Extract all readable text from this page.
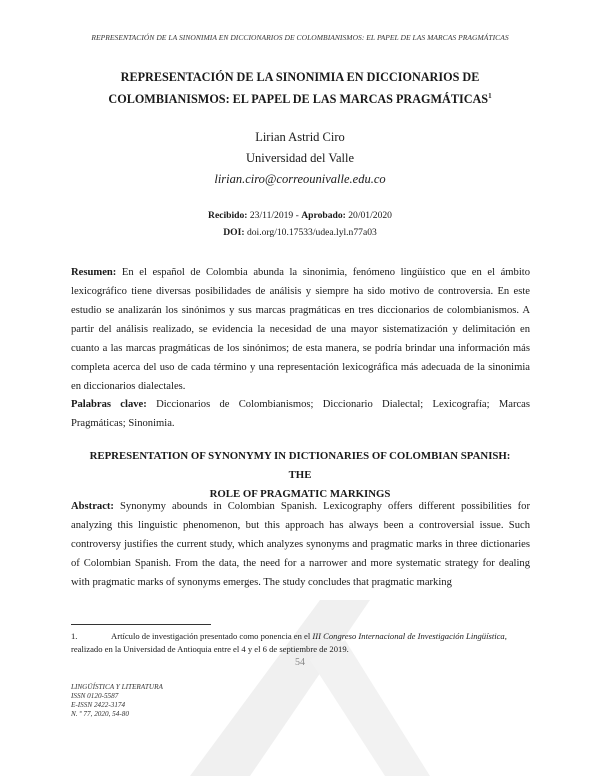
REPRESENTACIÓN DE LA SINONIMIA EN DICCIONARIOS DE COLOMBIANISMOS: EL PAPEL DE LAS MARCAS PRAGMÁTICAS
REPRESENTACIÓN DE LA SINONIMIA EN DICCIONARIOS DE
COLOMBIANISMOS: EL PAPEL DE LAS MARCAS PRAGMÁTICAS$^1$
Lirian Astrid Ciro
Universidad del Valle
lirian.ciro@correounivalle.edu.co
Recibido: 23/11/2019 - Aprobado: 20/01/2020
DOI: doi.org/10.17533/udea.lyl.n77a03
Resumen: En el español de Colombia abunda la sinonimia, fenómeno lingüístico que en el ámbito lexicográfico tiene diversas posibilidades de análisis y siempre ha sido motivo de controversia. En este estudio se analizarán los sinónimos y sus marcas pragmáticas en tres diccionarios de colombianismos. A partir del análisis realizado, se evidencia la necesidad de una mayor sistematización y delimitación en cuanto a las marcas pragmáticas de los sinónimos; de esta manera, se podría brindar una información más completa acerca del uso de cada término y una representación lexicográfica más adecuada de la sinonimia en diccionarios dialectales.
Palabras clave: Diccionarios de Colombianismos; Diccionario Dialectal; Lexicografía; Marcas Pragmáticas; Sinonimia.
REPRESENTATION OF SYNONYMY IN DICTIONARIES OF COLOMBIAN SPANISH: THE
ROLE OF PRAGMATIC MARKINGS
Abstract: Synonymy abounds in Colombian Spanish. Lexicography offers different possibilities for analyzing this linguistic phenomenon, but this approach has always been a controversial issue. Such controversy justifies the current study, which analyzes synonyms and pragmatic marks in three dictionaries of Colombian Spanish. From the data, the need for a narrower and more systematic strategy for dealing with pragmatic marks of synonyms emerges. The study concludes that pragmatic marking
1.	Artículo de investigación presentado como ponencia en el III Congreso Internacional de Investigación Lingüística, realizado en la Universidad de Antioquia entre el 4 y el 6 de septiembre de 2019.
54
LINGÜÍSTICA Y LITERATURA
ISSN 0120-5587
E-ISSN 2422-3174
N. º 77, 2020, 54-80
